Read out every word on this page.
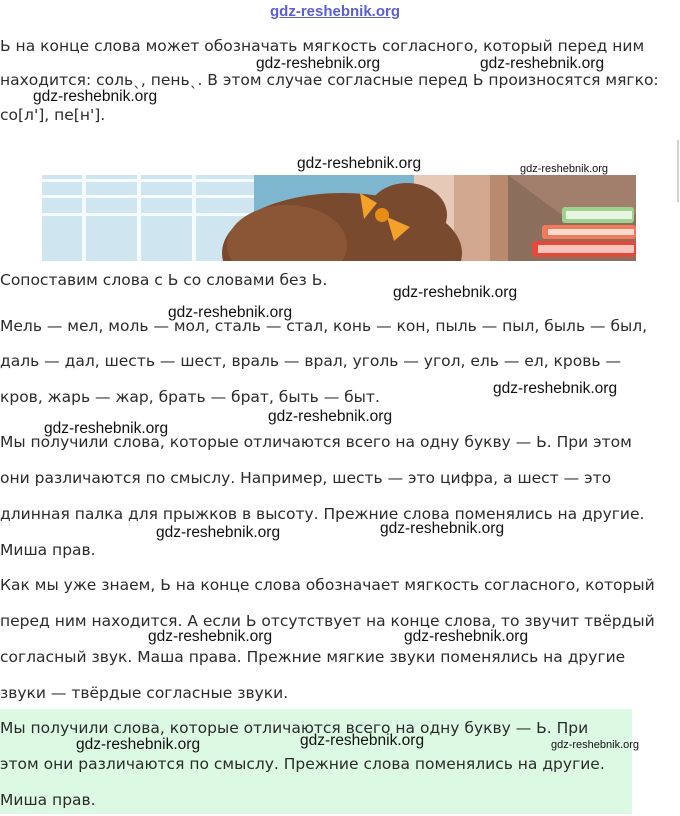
gdz-reshebnik.org
gdz-reshebnik.org	gdz-reshebnik.org
gdz-reshebnik.org
gdz-reshebnik.org	gdz-reshebnik.org
gdz-reshebnik.org
gdz-reshebnik.org
gdz-reshebnik.org
gdz-reshebnik.org
gdz-reshebnik.org
gdz-reshebnik.org
gdz-reshebnik.org
gdz-reshebnik.org	gdz-reshebnik.org
Ь на конце слова может обозначать мягкость согласного, который перед ним
находится: сольˎ, пеньˎ. В этом случае согласные перед Ь произносятся мягко:
со[л'], пе[н'].
Сопоставим слова с Ь со словами без Ь.
Мель — мел, моль — мол, сталь — стал, конь — кон, пыль — пыл, быль — был,
даль — дал, шесть — шест, враль — врал, уголь — угол, ель — ел, кровь —
кров, жарь — жар, брать — брат, быть — быт.
Мы получили слова, которые отличаются всего на одну букву — Ь. При этом
они различаются по смыслу. Например, шесть — это цифра, а шест — это
длинная палка для прыжков в высоту. Прежние слова поменялись на другие.
Миша прав.
Как мы уже знаем, Ь на конце слова обозначает мягкость согласного, который
перед ним находится. А если Ь отсутствует на конце слова, то звучит твёрдый
согласный звук. Маша права. Прежние мягкие звуки поменялись на другие
звуки — твёрдые согласные звуки.
Мы получили слова, которые отличаются всего на одну букву — Ь. При
этом они различаются по смыслу. Прежние слова поменялись на другие.
Миша прав.
gdz-reshebnik.org	gdz-reshebnik.org	gdz-reshebnik.org
